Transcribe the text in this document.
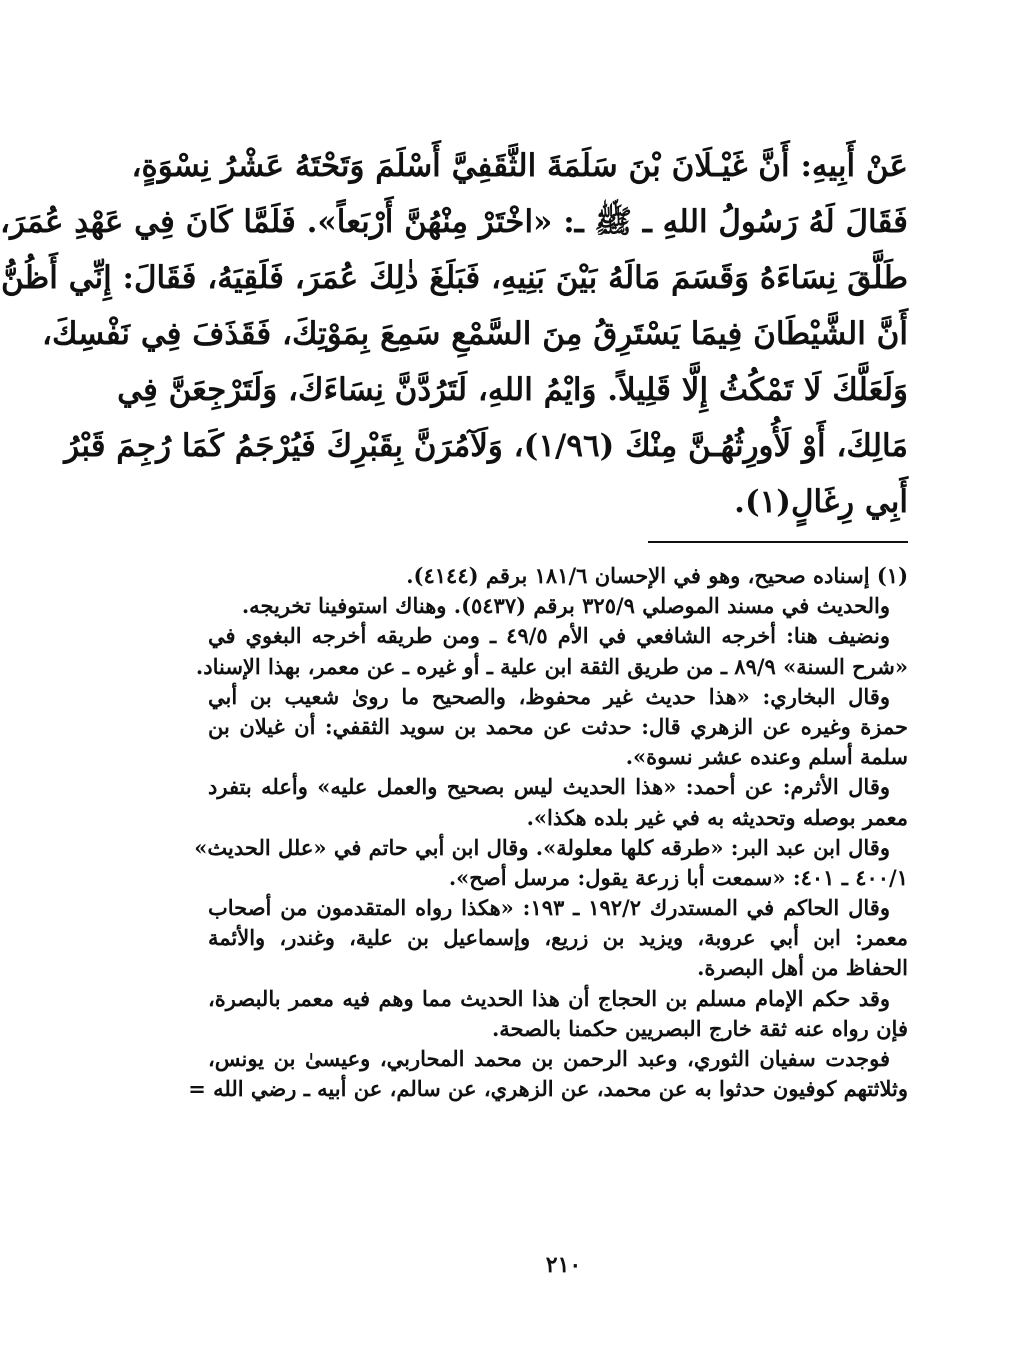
عَنْ أَبِيهِ: أَنَّ غَيْـلَانَ بْنَ سَلَمَةَ الثَّقَفِيَّ أَسْلَمَ وَتَحْتَهُ عَشْرُ نِسْوَةٍ،
فَقَالَ لَهُ رَسُولُ اللهِ ـ ﷺ ـ: «اخْتَرْ مِنْهُنَّ أَرْبَعاً». فَلَمَّا كَانَ فِي عَهْدِ عُمَرَ،
طَلَّقَ نِسَاءَهُ وَقَسَمَ مَالَهُ بَيْنَ بَنِيهِ، فَبَلَغَ ذٰلِكَ عُمَرَ، فَلَقِيَهُ، فَقَالَ: إِنِّي أَظُنُّ
أَنَّ الشَّيْطَانَ فِيمَا يَسْتَرِقُ مِنَ السَّمْعِ سَمِعَ بِمَوْتِكَ، فَقَذَفَ فِي نَفْسِكَ،
وَلَعَلَّكَ لَا تَمْكُثُ إِلَّا قَلِيلاً. وَايْمُ اللهِ، لَتَرُدَّنَّ نِسَاءَكَ، وَلَتَرْجِعَنَّ فِي
مَالِكَ، أَوْ لَأُورِثُهُـنَّ مِنْكَ (١/٩٦)، وَلَآمُرَنَّ بِقَبْرِكَ فَيُرْجَمُ كَمَا رُجِمَ قَبْرُ
أَبِي رِغَالٍ(١).
(١) إسناده صحيح، وهو في الإحسان ١٨١/٦ برقم (٤١٤٤).
والحديث في مسند الموصلي ٣٢٥/٩ برقم (٥٤٣٧). وهناك استوفينا تخريجه.
ونضيف هنا: أخرجه الشافعي في الأم ٤٩/٥ ـ ومن طريقه أخرجه البغوي في
«شرح السنة» ٨٩/٩ ـ من طريق الثقة ابن علية ـ أو غيره ـ عن معمر، بهذا الإسناد.
وقال البخاري: «هذا حديث غير محفوظ، والصحيح ما روىٰ شعيب بن أبي
حمزة وغيره عن الزهري قال: حدثت عن محمد بن سويد الثقفي: أن غيلان بن
سلمة أسلم وعنده عشر نسوة».
وقال الأثرم: عن أحمد: «هذا الحديث ليس بصحيح والعمل عليه» وأعله بتفرد
معمر بوصله وتحديثه به في غير بلده هكذا».
وقال ابن عبد البر: «طرقه كلها معلولة». وقال ابن أبي حاتم في «علل الحديث»
٤٠٠/١ ـ ٤٠١: «سمعت أبا زرعة يقول: مرسل أصح».
وقال الحاكم في المستدرك ١٩٢/٢ ـ ١٩٣: «هكذا رواه المتقدمون من أصحاب
معمر: ابن أبي عروبة، ويزيد بن زريع، وإسماعيل بن علية، وغندر، والأئمة
الحفاظ من أهل البصرة.
وقد حكم الإمام مسلم بن الحجاج أن هذا الحديث مما وهم فيه معمر بالبصرة،
فإن رواه عنه ثقة خارج البصريين حكمنا بالصحة.
فوجدت سفيان الثوري، وعبد الرحمن بن محمد المحاربي، وعيسىٰ بن يونس،
وثلاثتهم كوفيون حدثوا به عن محمد، عن الزهري، عن سالم، عن أبيه ـ رضي الله =
٢١٠
